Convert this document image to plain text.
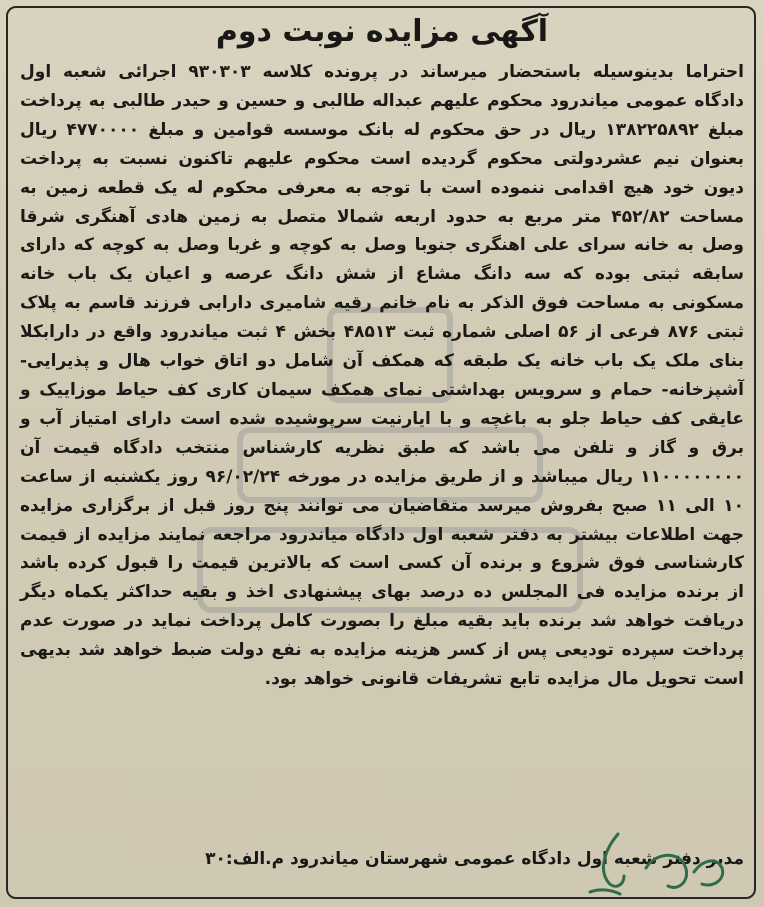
آگهی مزایده نوبت دوم
احتراما بدینوسیله باستحضار میرساند در پرونده کلاسه ۹۳۰۳۰۳ اجرائی شعبه اول دادگاه عمومی میاندرود محکوم علیهم عبداله طالبی و حسین و حیدر طالبی به پرداخت مبلغ ۱۳۸۲۲۵۸۹۲ ریال در حق محکوم له بانک موسسه قوامین و مبلغ ۴۷۷۰۰۰۰ ریال بعنوان نیم عشردولتی محکوم گردیده است محکوم علیهم تاکنون نسبت به پرداخت دیون خود هیچ اقدامی ننموده است با توجه به معرفی محکوم له یک قطعه زمین به مساحت ۴۵۲/۸۲ متر مربع به حدود اربعه شمالا متصل به زمین هادی آهنگری شرقا وصل به خانه سرای علی اهنگری جنوبا وصل به کوچه و غربا وصل به کوچه که دارای سابقه ثبتی بوده که سه دانگ مشاع از شش دانگ عرصه و اعیان یک باب خانه مسکونی به مساحت فوق الذکر به نام خانم رقیه شامیری دارابی فرزند قاسم به پلاک ثبتی ۸۷۶ فرعی از ۵۶ اصلی شماره ثبت ۴۸۵۱۳ بخش ۴ ثبت میاندرود واقع در دارابکلا بنای ملک یک باب خانه یک طبقه که همکف آن شامل دو اتاق خواب هال و پذیرایی- آشپزخانه- حمام و سرویس بهداشتی نمای همکف سیمان کاری کف حیاط موزاییک و عایقی کف حیاط جلو به باغچه و با ایارنیت سرپوشیده شده است دارای امتیاز آب و برق و گاز و تلفن می باشد که طبق نظریه کارشناس منتخب دادگاه قیمت آن ۱۱۰۰۰۰۰۰۰۰ ریال میباشد و از طریق مزایده در مورخه ۹۶/۰۲/۲۴ روز یکشنبه از ساعت ۱۰ الی ۱۱ صبح بفروش میرسد متقاضیان می توانند پنج روز قبل از برگزاری مزایده جهت اطلاعات بیشتر به دفتر شعبه اول دادگاه میاندرود مراجعه نمایند مزایده از قیمت کارشناسی فوق شروع و برنده آن کسی است که بالاترین قیمت را قبول کرده باشد از برنده مزایده فی المجلس ده درصد بهای پیشنهادی اخذ و بقیه حداکثر یکماه دیگر دریافت خواهد شد برنده باید بقیه مبلغ را بصورت کامل پرداخت نماید در صورت عدم پرداخت سپرده تودیعی پس از کسر هزینه مزایده به نفع دولت ضبط خواهد شد بدیهی است تحویل مال مزایده تابع تشریفات قانونی خواهد بود.
مدیر دفتر شعبه اول دادگاه عمومی شهرستان میاندرود م.الف:۳۰
